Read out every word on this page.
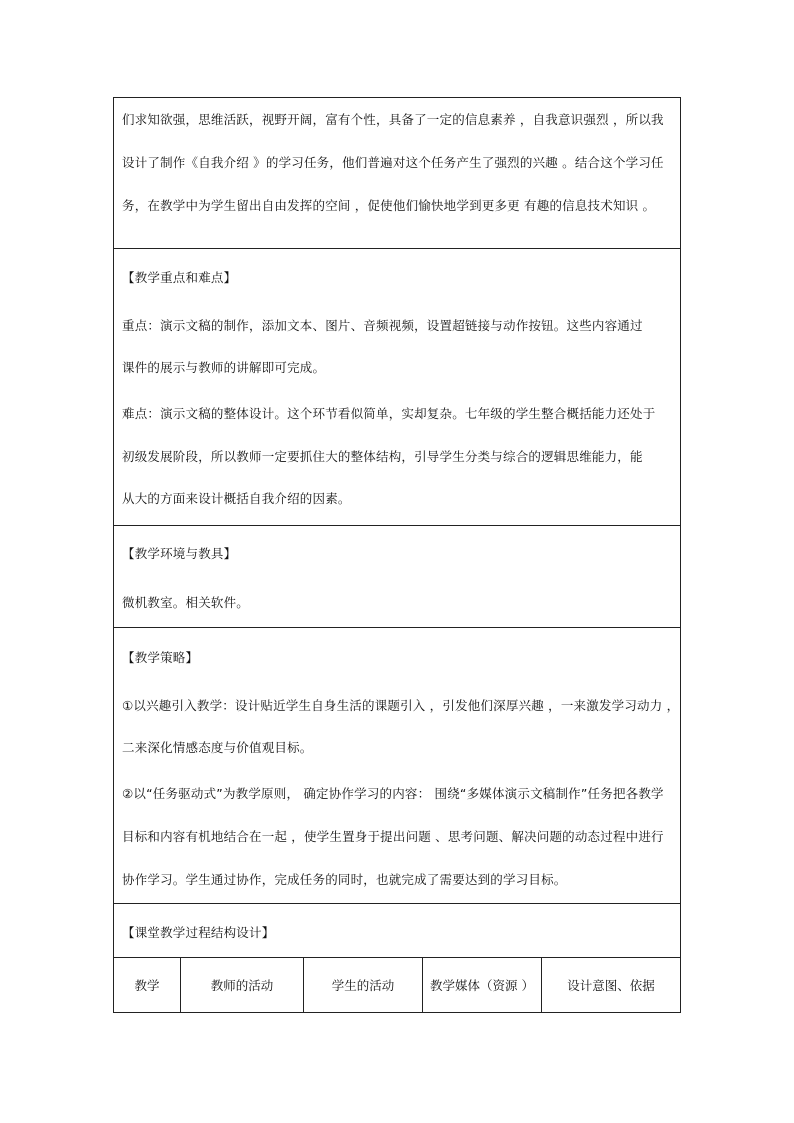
们求知欲强，思维活跃，视野开阔，富有个性，具备了一定的信息素养 ，自我意识强烈 ，所以我
设计了制作《自我介绍 》的学习任务，他们普遍对这个任务产生了强烈的兴趣 。结合这个学习任
务，在教学中为学生留出自由发挥的空间 ，促使他们愉快地学到更多更 有趣的信息技术知识 。
【教学重点和难点】
重点：演示文稿的制作，添加文本、图片、音频视频，设置超链接与动作按钮。这些内容通过
课件的展示与教师的讲解即可完成。
难点：演示文稿的整体设计。这个环节看似简单，实却复杂。七年级的学生整合概括能力还处于
初级发展阶段，所以教师一定要抓住大的整体结构，引导学生分类与综合的逻辑思维能力，能
从大的方面来设计概括自我介绍的因素。
【教学环境与教具】
微机教室。相关软件。
【教学策略】
①以兴趣引入教学：设计贴近学生自身生活的课题引入 ，引发他们深厚兴趣 ，一来激发学习动力 ，
二来深化情感态度与价值观目标。
②以“任务驱动式”为教学原则， 确定协作学习的内容： 围绕“多媒体演示文稿制作”任务把各教学
目标和内容有机地结合在一起 ，使学生置身于提出问题 、思考问题、解决问题的动态过程中进行
协作学习。学生通过协作，完成任务的同时，也就完成了需要达到的学习目标。
【课堂教学过程结构设计】
教学	教师的活动	学生的活动	教学媒体（资源 ）	设计意图、依据
